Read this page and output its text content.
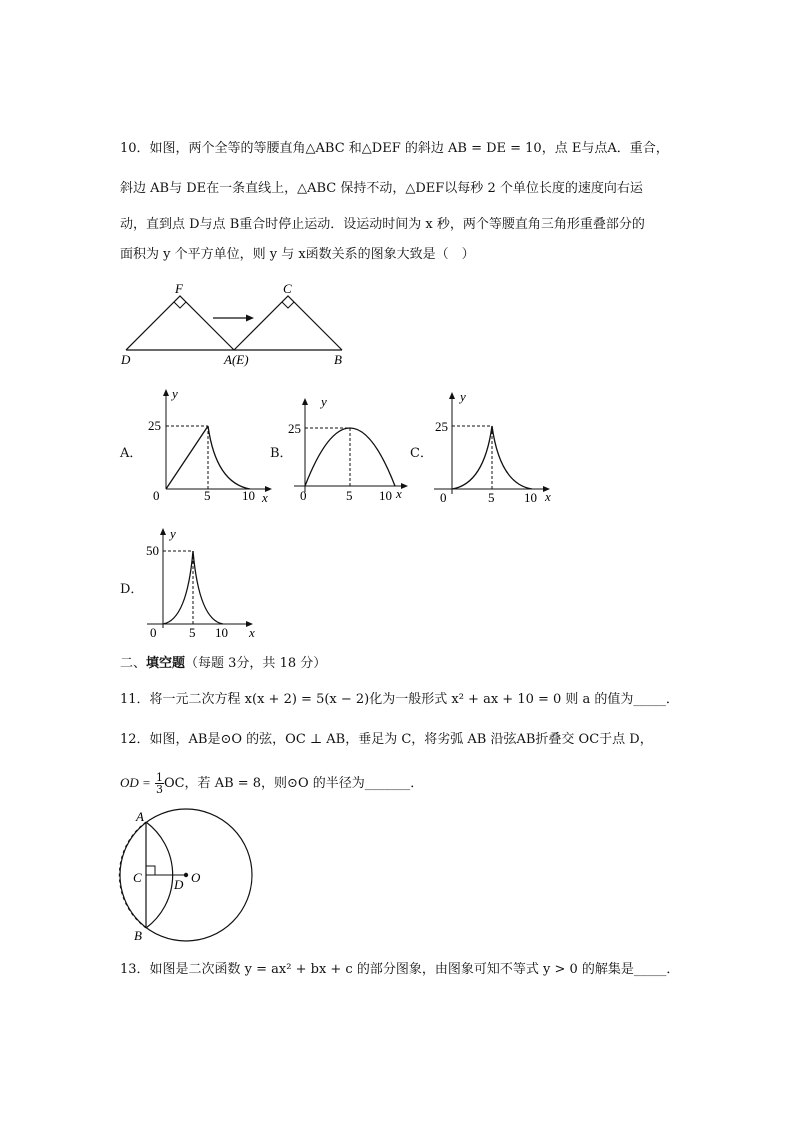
10．如图，两个全等的等腰直角△ABC 和△DEF 的斜边 AB = DE = 10，点 E与点A．重合，
斜边 AB与 DE在一条直线上，△ABC 保持不动，△DEF以每秒 2 个单位长度的速度向右运
动，直到点 D与点 B重合时停止运动．设运动时间为 x 秒，两个等腰直角三角形重叠部分的
面积为 y 个平方单位，则 y 与 x函数关系的图象大致是（　）
F	C
D	A(E)	B
A．
y
25
0	5 10 x
B．
y
25
0	5 10 x
C．
y
25
0	5 10 x
D．
y
50
0	5 10 x
二、填空题（每题 3分，共 18 分）
11．将一元二次方程 x(x + 2) = 5(x − 2)化为一般形式 x² + ax + 10 = 0 则 a 的值为_____．
12．如图，AB是⊙O 的弦，OC ⊥ AB，垂足为 C，将劣弧 AB 沿弦AB折叠交 OC于点 D，
OD = $\frac{1}{3}$ OC，若 AB = 8，则⊙O 的半径为_______．
A
B
C D O
13．如图是二次函数 y = ax² + bx + c 的部分图象，由图象可知不等式 y > 0 的解集是_____．
